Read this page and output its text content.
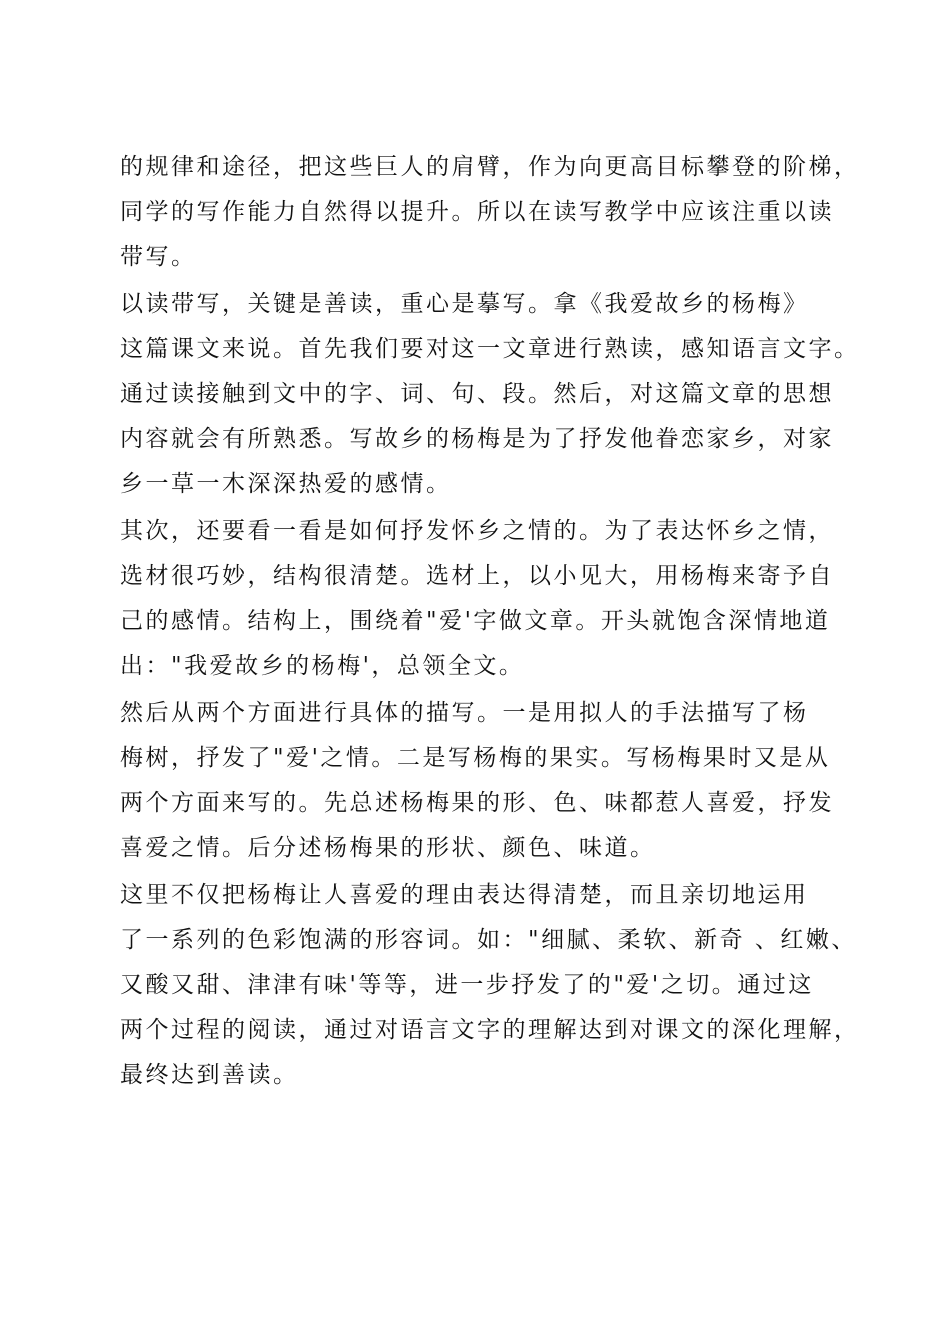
的规律和途径，把这些巨人的肩臂，作为向更高目标攀登的阶梯，
同学的写作能力自然得以提升。所以在读写教学中应该注重以读
带写。
以读带写，关键是善读，重心是摹写。拿《我爱故乡的杨梅》
这篇课文来说。首先我们要对这一文章进行熟读，感知语言文字。
通过读接触到文中的字、词、句、段。然后，对这篇文章的思想
内容就会有所熟悉。写故乡的杨梅是为了抒发他眷恋家乡，对家
乡一草一木深深热爱的感情。
其次，还要看一看是如何抒发怀乡之情的。为了表达怀乡之情，
选材很巧妙，结构很清楚。选材上，以小见大，用杨梅来寄予自
己的感情。结构上，围绕着"爱'字做文章。开头就饱含深情地道
出："我爱故乡的杨梅'，总领全文。
然后从两个方面进行具体的描写。一是用拟人的手法描写了杨
梅树，抒发了"爱'之情。二是写杨梅的果实。写杨梅果时又是从
两个方面来写的。先总述杨梅果的形、色、味都惹人喜爱，抒发
喜爱之情。后分述杨梅果的形状、颜色、味道。
这里不仅把杨梅让人喜爱的理由表达得清楚，而且亲切地运用
了一系列的色彩饱满的形容词。如："细腻、柔软、新奇 、红嫩、
又酸又甜、津津有味'等等，进一步抒发了的"爱'之切。通过这
两个过程的阅读，通过对语言文字的理解达到对课文的深化理解，
最终达到善读。
